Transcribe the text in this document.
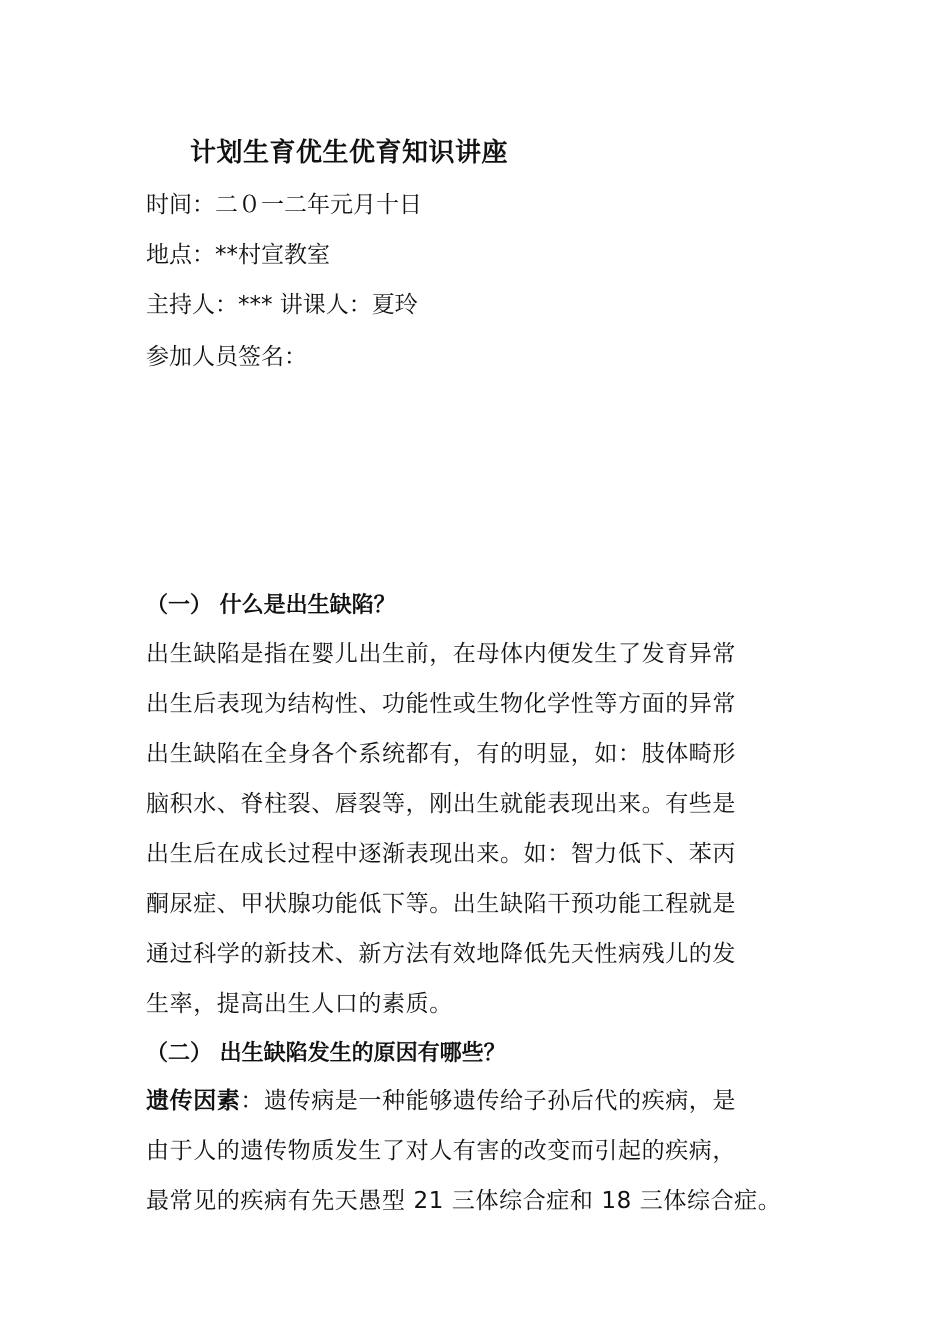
计划生育优生优育知识讲座
时间：二０一二年元月十日
地点：**村宣教室
主持人：*** 讲课人：夏玲
参加人员签名：
（一） 什么是出生缺陷？
出生缺陷是指在婴儿出生前，在母体内便发生了发育异常
出生后表现为结构性、功能性或生物化学性等方面的异常
出生缺陷在全身各个系统都有，有的明显，如：肢体畸形
脑积水、脊柱裂、唇裂等，刚出生就能表现出来。有些是
出生后在成长过程中逐渐表现出来。如：智力低下、苯丙
酮尿症、甲状腺功能低下等。出生缺陷干预功能工程就是
通过科学的新技术、新方法有效地降低先天性病残儿的发
生率，提高出生人口的素质。
（二） 出生缺陷发生的原因有哪些？
遗传因素：遗传病是一种能够遗传给子孙后代的疾病，是
由于人的遗传物质发生了对人有害的改变而引起的疾病，
最常见的疾病有先天愚型 21 三体综合症和 18 三体综合症。
